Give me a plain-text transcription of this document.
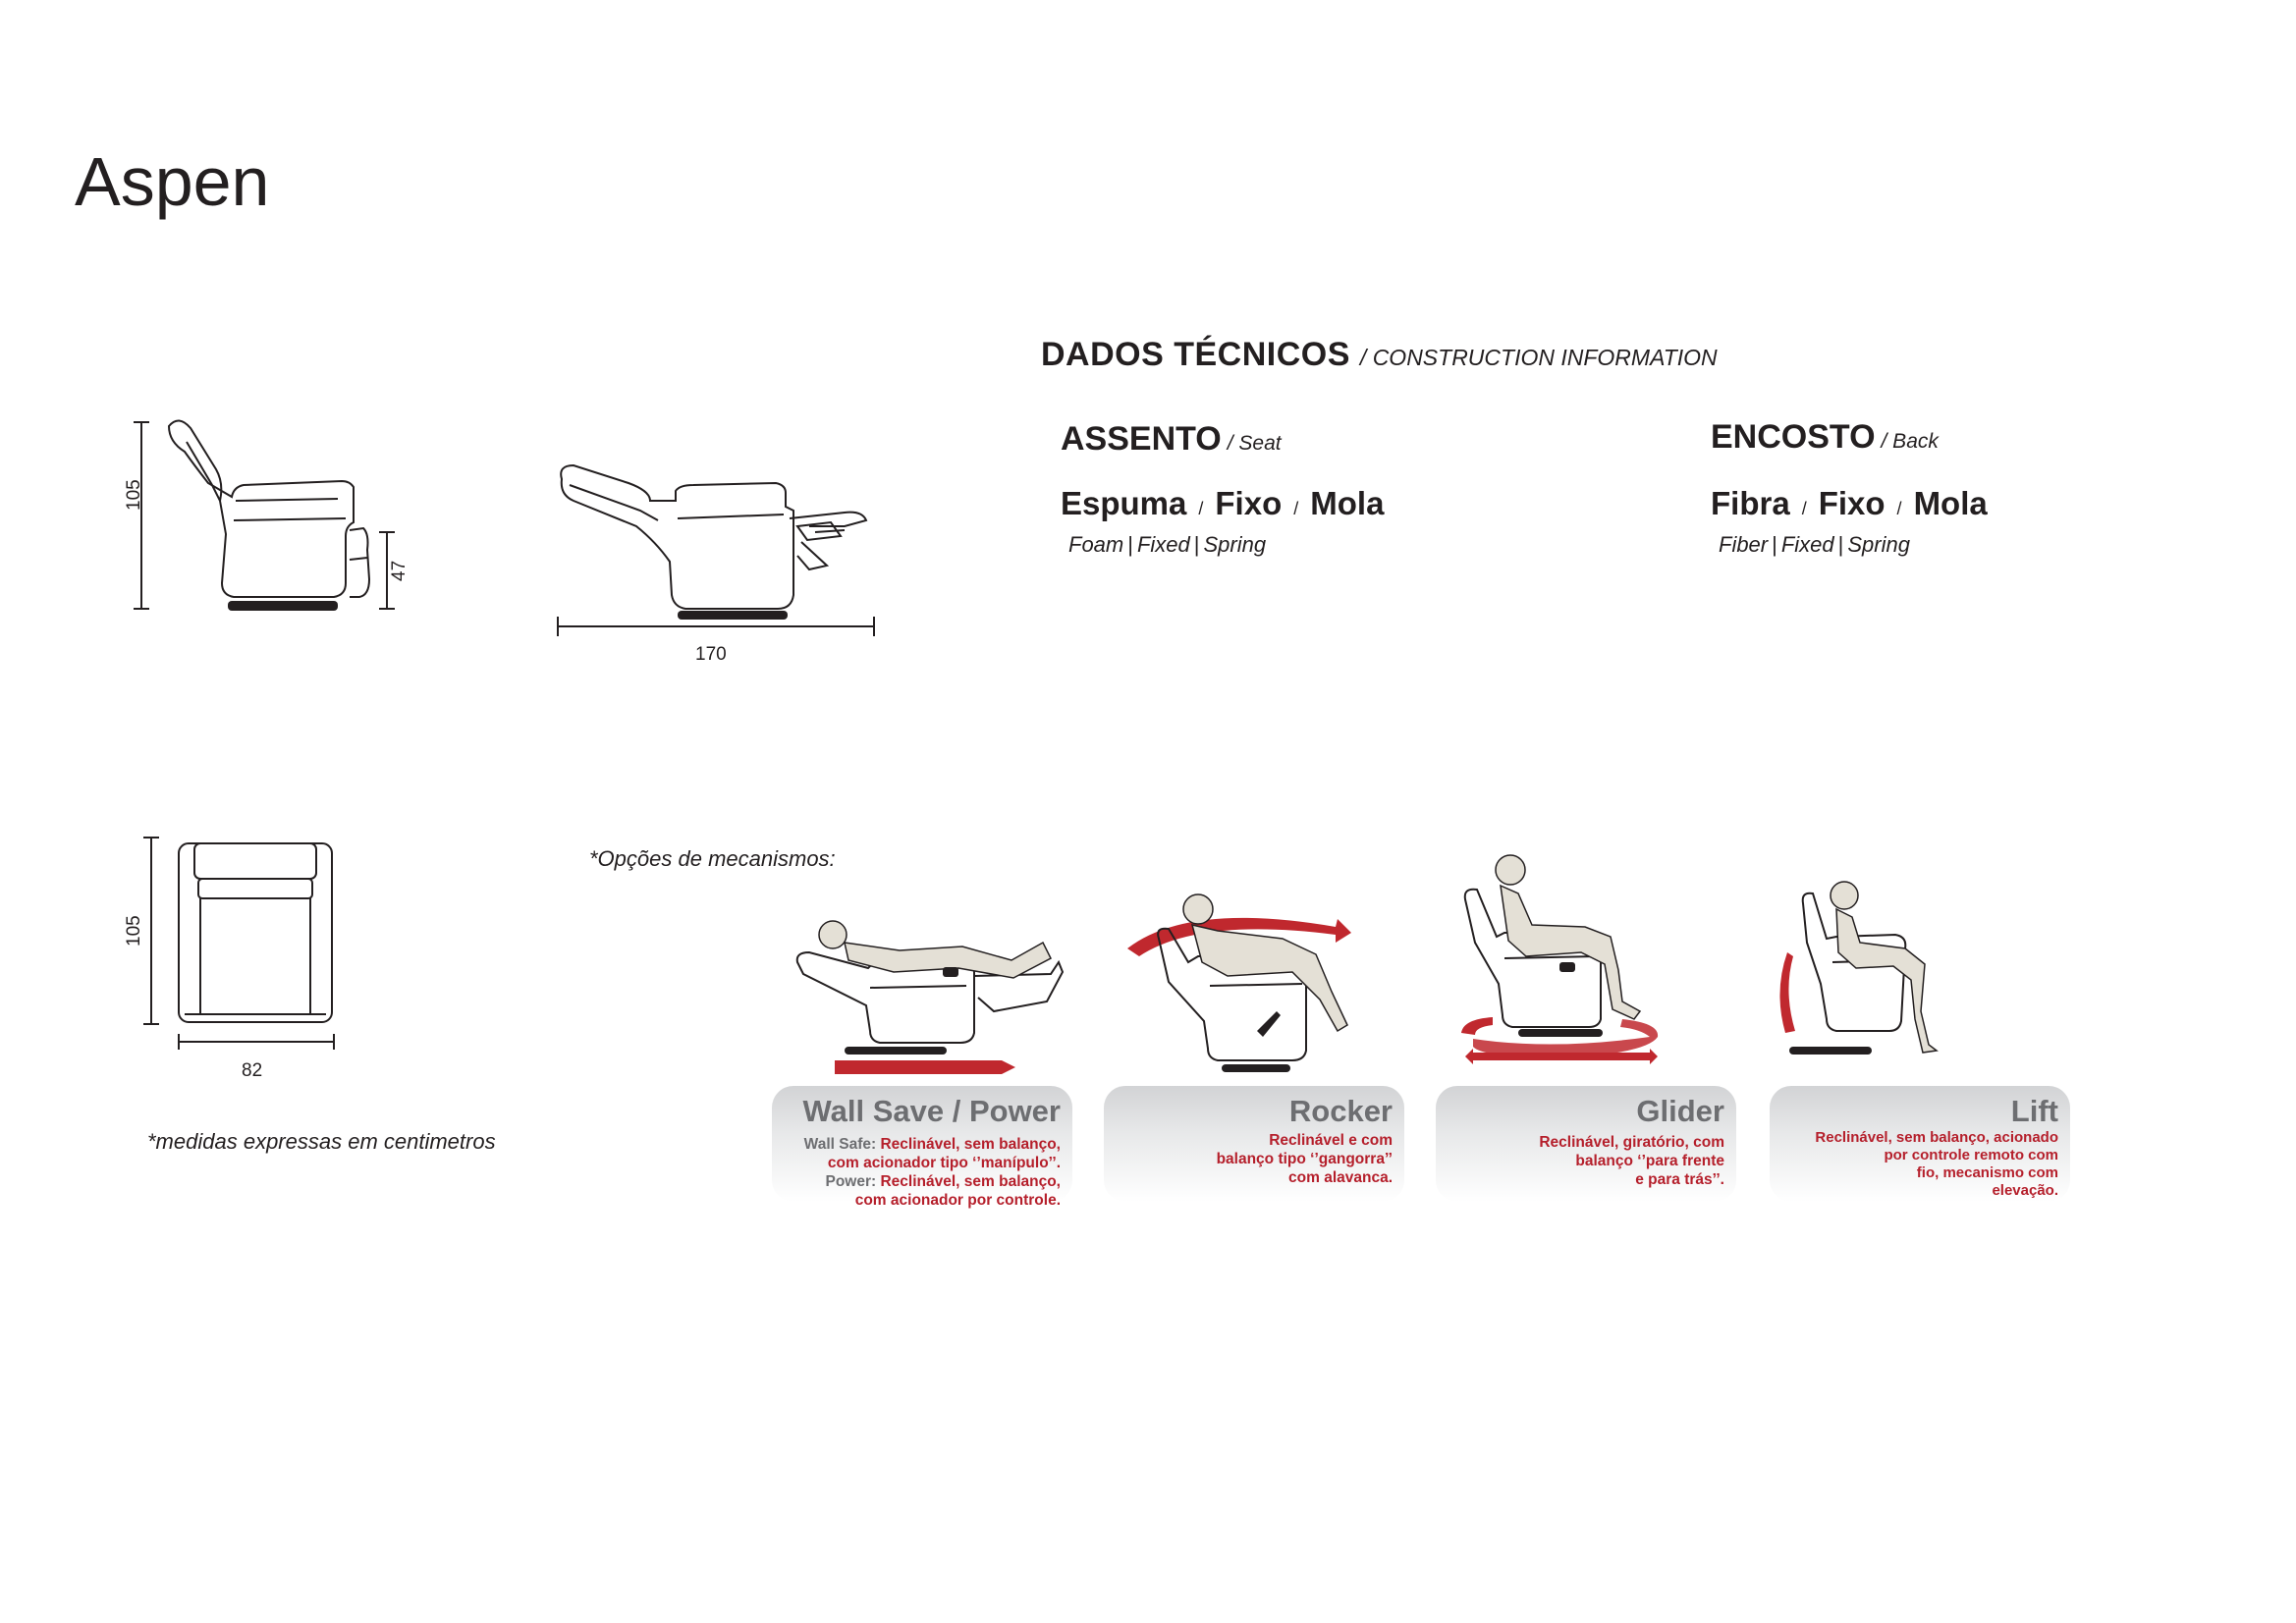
Aspen
DADOS TÉCNICOS / CONSTRUCTION INFORMATION
ASSENTO / Seat
Espuma / Fixo / Mola
Foam | Fixed | Spring
ENCOSTO / Back
Fibra / Fixo / Mola
Fiber | Fixed | Spring
105
47
170
105
82
*Opções de mecanismos:
*medidas expressas em centimetros
Wall Save / Power
Wall Safe: Reclinável, sem balanço,
com acionador tipo ‘’manípulo’’.
Power: Reclinável, sem balanço,
com acionador por controle.
Rocker
Reclinável e com
balanço tipo ‘’gangorra’’
com alavanca.
Glider
Reclinável, giratório, com
balanço ‘’para frente
e para trás’’.
Lift
Reclinável, sem balanço, acionado
por controle remoto com
fio, mecanismo com
elevação.
